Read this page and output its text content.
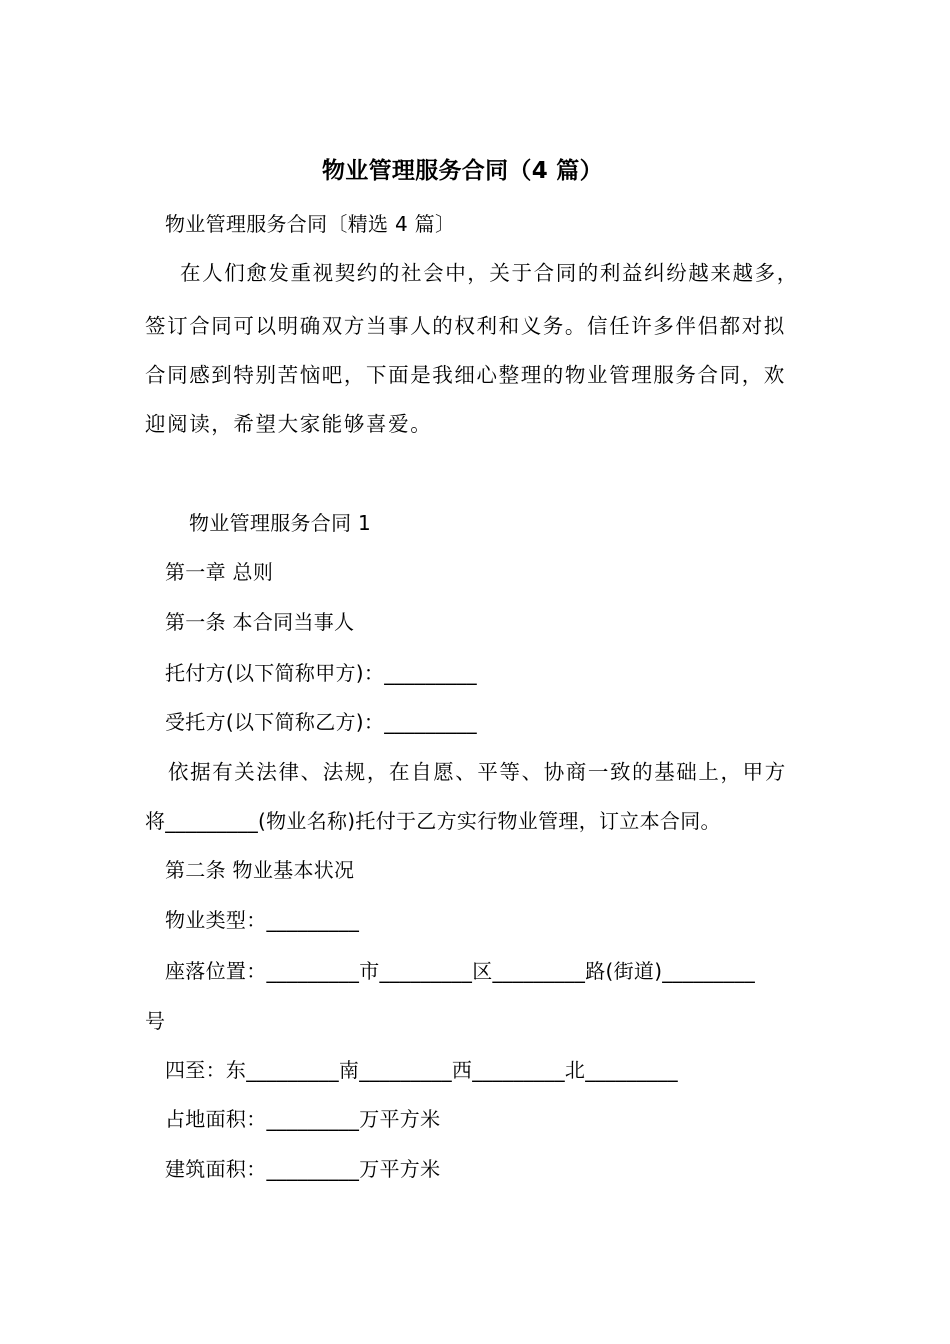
物业管理服务合同（4 篇）
物业管理服务合同〔精选 4 篇〕
在人们愈发重视契约的社会中，关于合同的利益纠纷越来越多，
签订合同可以明确双方当事人的权利和义务。信任许多伴侣都对拟
合同感到特别苦恼吧，下面是我细心整理的物业管理服务合同，欢
迎阅读，希望大家能够喜爱。
物业管理服务合同 1
第一章 总则
第一条 本合同当事人
托付方(以下简称甲方)：_________
受托方(以下简称乙方)：_________
依据有关法律、法规，在自愿、平等、协商一致的基础上，甲方
将_________(物业名称)托付于乙方实行物业管理，订立本合同。
第二条 物业基本状况
物业类型：_________
座落位置：_________市_________区_________路(街道)_________
号
四至：东_________南_________西_________北_________
占地面积：_________万平方米
建筑面积：_________万平方米
